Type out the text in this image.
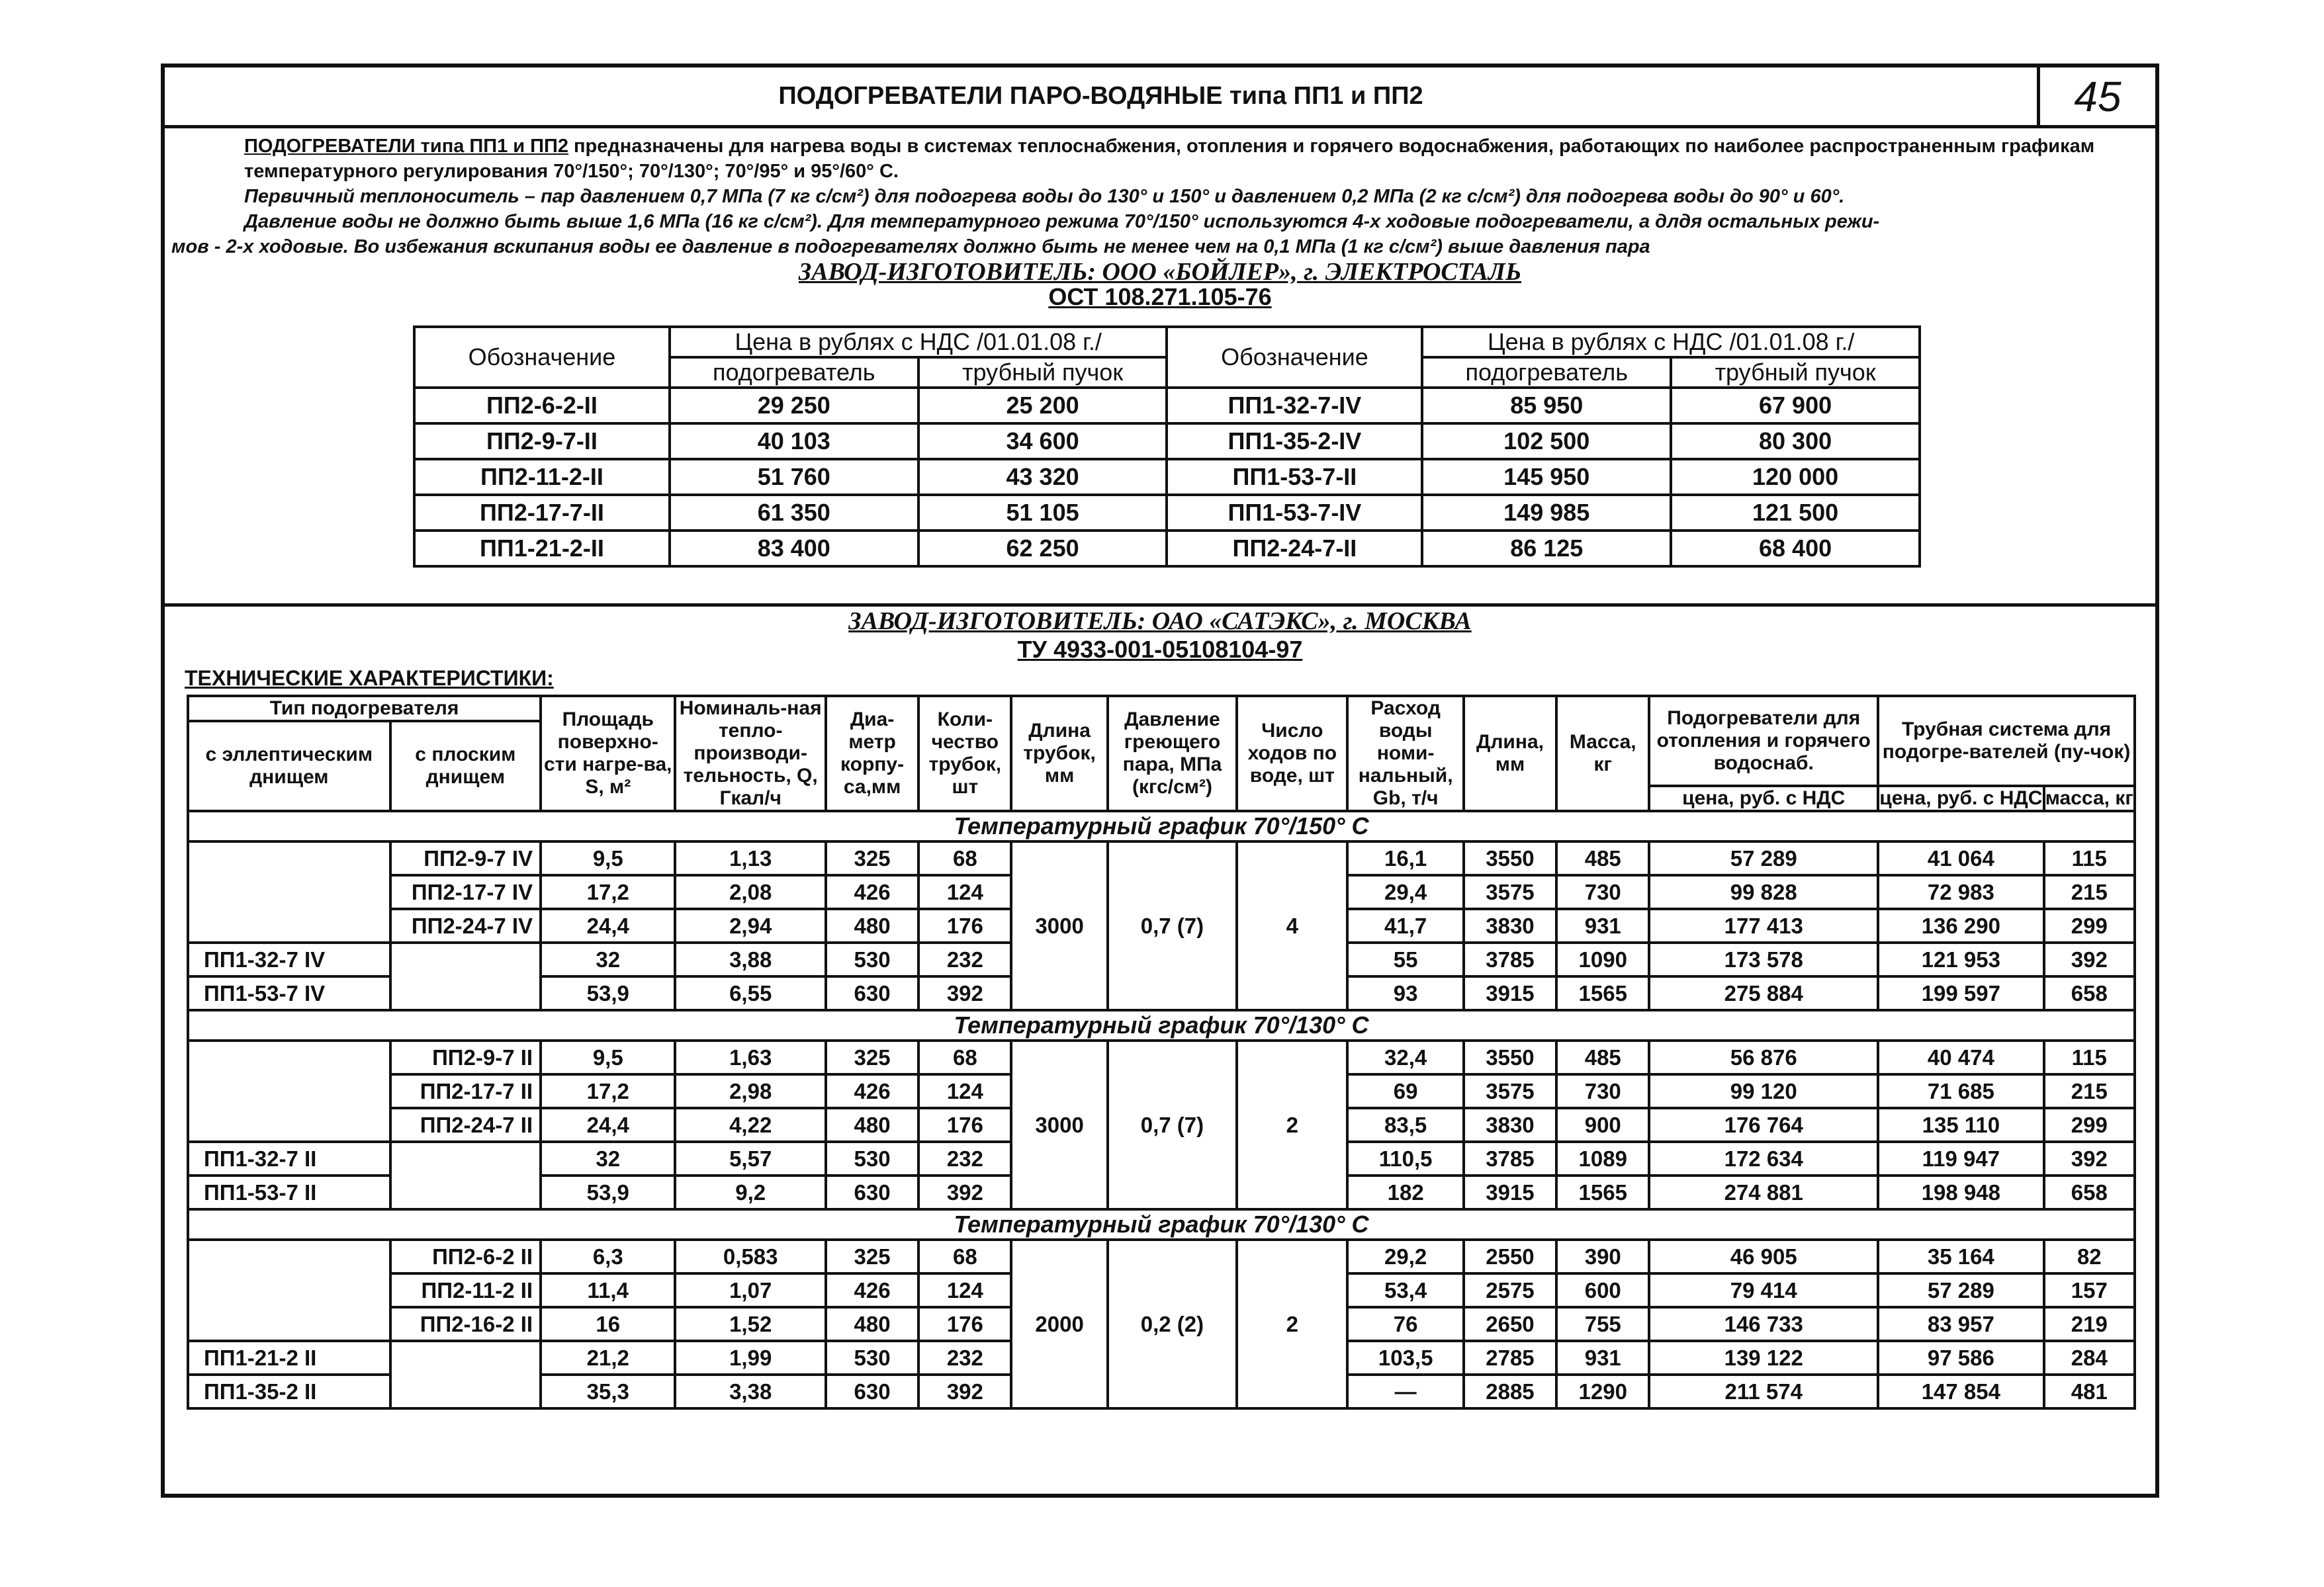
ПОДОГРЕВАТЕЛИ ПАРО-ВОДЯНЫЕ типа ПП1 и ПП2	45

ПОДОГРЕВАТЕЛИ типа ПП1 и ПП2 предназначены для нагрева воды в системах теплоснабжения, отопления и горячего водоснабжения, работающих по наиболее распространенным графикам температурного регулирования 70°/150°; 70°/130°; 70°/95° и 95°/60° С.

Первичный теплоноситель – пар давлением 0,7 МПа (7 кг с/см²) для подогрева воды до 130° и 150° и давлением 0,2 МПа (2 кг с/см²) для подогрева воды до 90° и 60°.

Давление воды не должно быть выше 1,6 МПа (16 кг с/см²). Для температурного режима 70°/150° используются 4-х ходовые подогреватели, а длдя остальных режи-

мов - 2-х ходовые. Во избежания вскипания воды ее давление в подогревателях должно быть не менее чем на 0,1 МПа (1 кг с/см²) выше давления пара

ЗАВОД-ИЗГОТОВИТЕЛЬ: ООО «БОЙЛЕР», г. ЭЛЕКТРОСТАЛЬ
ОСТ 108.271.105-76
Обозначение	Цена в рублях с НДС /01.01.08 г./		Обозначение	Цена в рублях с НДС /01.01.08 г./	
	подогреватель	трубный пучок		подогреватель	трубный пучок
ПП2-6-2-II	29 250	25 200	ПП1-32-7-IV	85 950	67 900
ПП2-9-7-II	40 103	34 600	ПП1-35-2-IV	102 500	80 300
ПП2-11-2-II	51 760	43 320	ПП1-53-7-II	145 950	120 000
ПП2-17-7-II	61 350	51 105	ПП1-53-7-IV	149 985	121 500
ПП1-21-2-II	83 400	62 250	ПП2-24-7-II	86 125	68 400
ЗАВОД-ИЗГОТОВИТЕЛЬ: ОАО «САТЭКС», г. МОСКВА
ТУ 4933-001-05108104-97
ТЕХНИЧЕСКИЕ ХАРАКТЕРИСТИКИ:
Тип подогревателя		Площадь поверхно-сти нагре-ва, S, м²	Номиналь-ная тепло-производи-тельность, Q, Гкал/ч	Диа-метр корпу-са,мм	Коли-чество трубок, шт	Длина трубок, мм	Давление греющего пара, МПа (кгс/см²)	Число ходов по воде, шт	Расход воды номи-нальный, Gb, т/ч	Длина, мм	Масса, кг	Подогреватели для отопления и горячего водоснаб.	Трубная система для подогре-вателей (пу-чок)	
с эллептическим днищем	с плоским днищем													
												цена, руб. с НДС	цена, руб. с НДС	масса, кг
Температурный график 70°/150° С														
	ПП2-9-7 IV	9,5	1,13	325	68	3000	0,7 (7)	4	16,1	3550	485	57 289	41 064	115
	ПП2-17-7 IV	17,2	2,08	426	124				29,4	3575	730	99 828	72 983	215
	ПП2-24-7 IV	24,4	2,94	480	176				41,7	3830	931	177 413	136 290	299
ПП1-32-7 IV		32	3,88	530	232				55	3785	1090	173 578	121 953	392
ПП1-53-7 IV		53,9	6,55	630	392				93	3915	1565	275 884	199 597	658
Температурный график 70°/130° С														
	ПП2-9-7 II	9,5	1,63	325	68	3000	0,7 (7)	2	32,4	3550	485	56 876	40 474	115
	ПП2-17-7 II	17,2	2,98	426	124				69	3575	730	99 120	71 685	215
	ПП2-24-7 II	24,4	4,22	480	176				83,5	3830	900	176 764	135 110	299
ПП1-32-7 II		32	5,57	530	232				110,5	3785	1089	172 634	119 947	392
ПП1-53-7 II		53,9	9,2	630	392				182	3915	1565	274 881	198 948	658
Температурный график 70°/130° С														
	ПП2-6-2 II	6,3	0,583	325	68	2000	0,2 (2)	2	29,2	2550	390	46 905	35 164	82
	ПП2-11-2 II	11,4	1,07	426	124				53,4	2575	600	79 414	57 289	157
	ПП2-16-2 II	16	1,52	480	176				76	2650	755	146 733	83 957	219
ПП1-21-2 II		21,2	1,99	530	232				103,5	2785	931	139 122	97 586	284
ПП1-35-2 II		35,3	3,38	630	392				—	2885	1290	211 574	147 854	481
